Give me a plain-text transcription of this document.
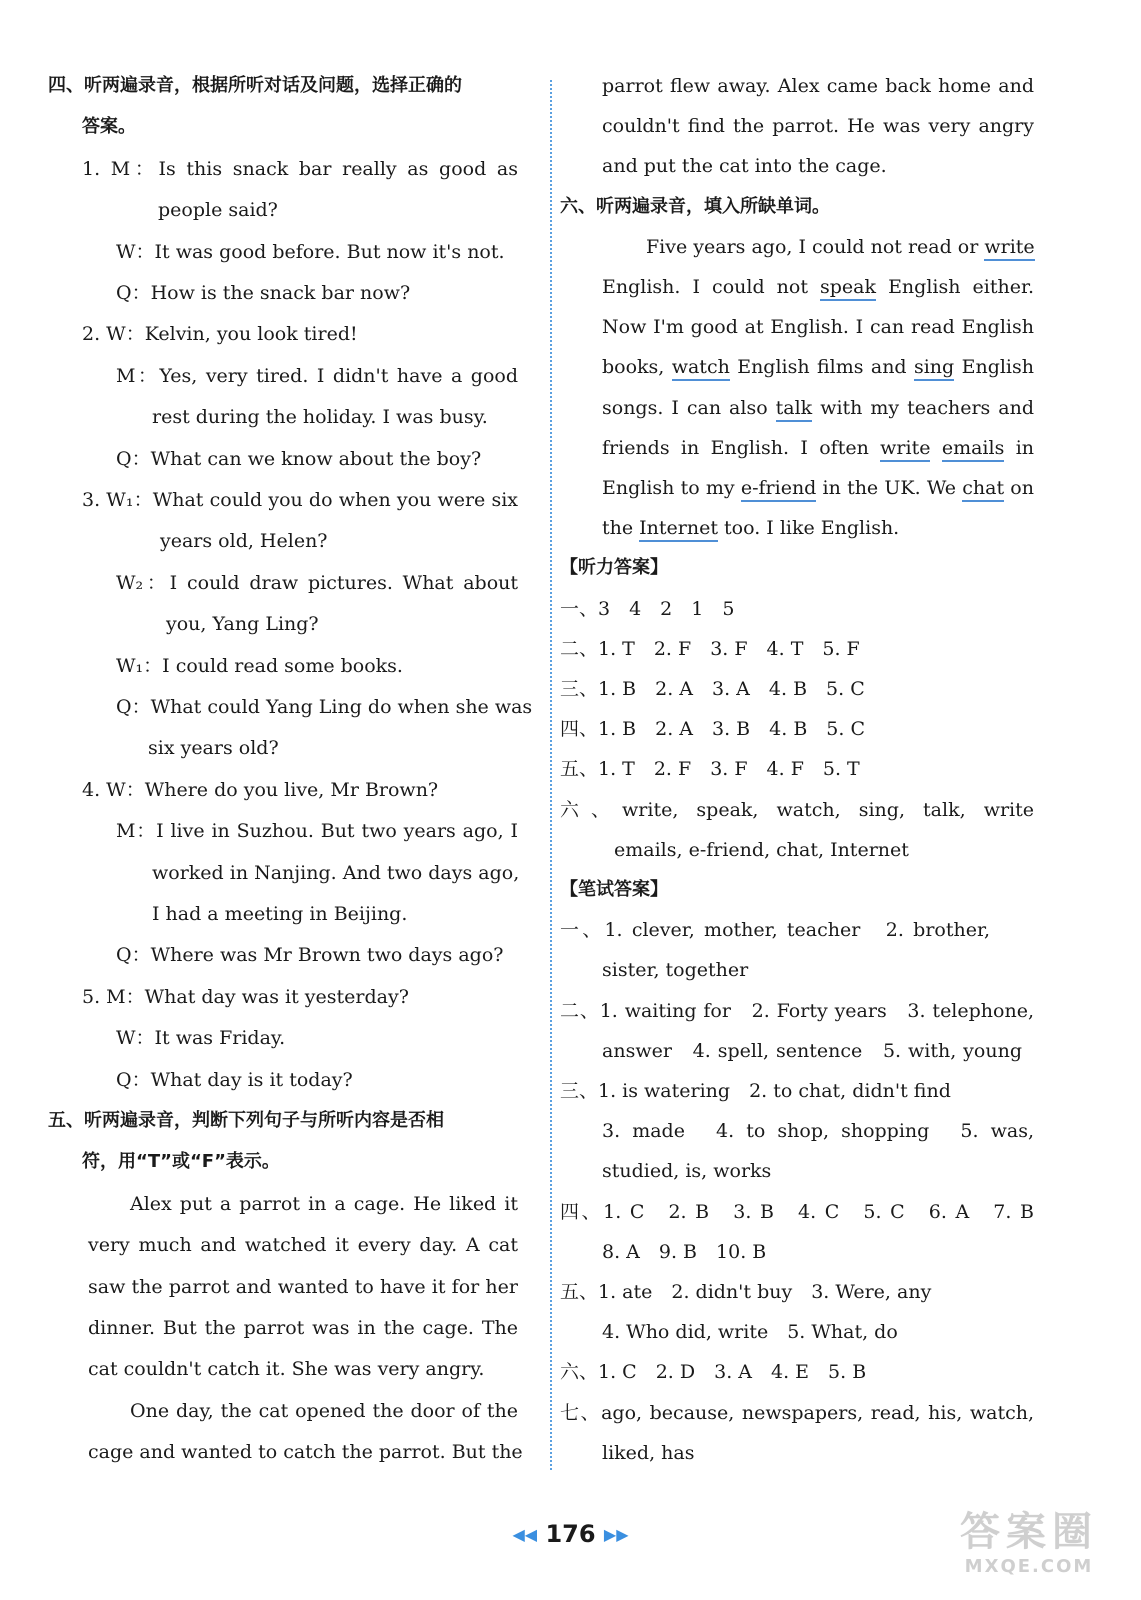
四、听两遍录音，根据所听对话及问题，选择正确的
答案。
1. M：Is this snack bar really as good as
people said?
W：It was good before. But now it's not.
Q：How is the snack bar now?
2. W：Kelvin, you look tired!
M：Yes, very tired. I didn't have a good
rest during the holiday. I was busy.
Q：What can we know about the boy?
3. W₁：What could you do when you were six
years old, Helen?
W₂：I could draw pictures. What about
you, Yang Ling?
W₁：I could read some books.
Q：What could Yang Ling do when she was
six years old?
4. W：Where do you live, Mr Brown?
M：I live in Suzhou. But two years ago, I
worked in Nanjing. And two days ago,
I had a meeting in Beijing.
Q：Where was Mr Brown two days ago?
5. M：What day was it yesterday?
W：It was Friday.
Q：What day is it today?
五、听两遍录音，判断下列句子与所听内容是否相
符，用“T”或“F”表示。
Alex put a parrot in a cage. He liked it
very much and watched it every day. A cat
saw the parrot and wanted to have it for her
dinner. But the parrot was in the cage. The
cat couldn't catch it. She was very angry.
One day, the cat opened the door of the
cage and wanted to catch the parrot. But the
parrot flew away. Alex came back home and
couldn't find the parrot. He was very angry
and put the cat into the cage.
六、听两遍录音，填入所缺单词。
Five years ago, I could not read or write
English. I could not speak English either.
Now I'm good at English. I can read English
books, watch English films and sing English
songs. I can also talk with my teachers and
friends in English. I often write emails in
English to my e-friend in the UK. We chat on
the Internet too. I like English.
【听力答案】
一、3　4　2　1　5
二、1. T　2. F　3. F　4. T　5. F
三、1. B　2. A　3. A　4. B　5. C
四、1. B　2. A　3. B　4. B　5. C
五、1. T　2. F　3. F　4. F　5. T
六、write, speak, watch, sing, talk, write
emails, e-friend, chat, Internet
【笔试答案】
一、1. clever, mother, teacher　2. brother,
sister, together
二、1. waiting for　2. Forty years　3. telephone,
answer　4. spell, sentence　5. with, young
三、1. is watering　2. to chat, didn't find
3. made　4. to shop, shopping　5. was,
studied, is, works
四、1. C　2. B　3. B　4. C　5. C　6. A　7. B
8. A　9. B　10. B
五、1. ate　2. didn't buy　3. Were, any
4. Who did, write　5. What, do
六、1. C　2. D　3. A　4. E　5. B
七、ago, because, newspapers, read, his, watch,
liked, has
◀◀ 176 ▶▶	答案圈
MXQE.COM
